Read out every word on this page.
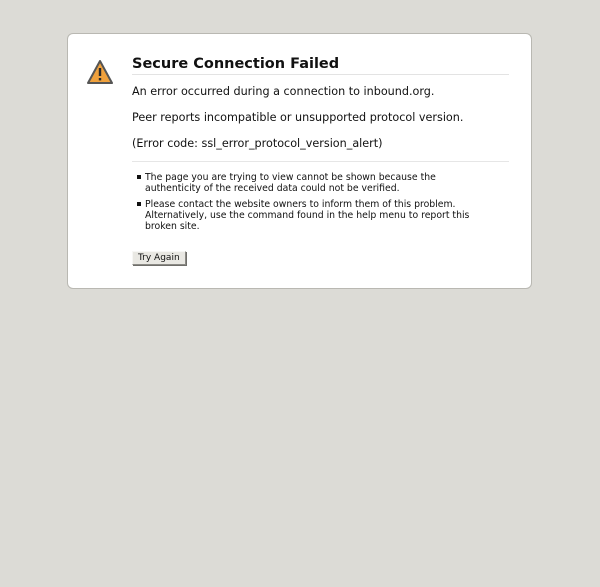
Secure Connection Failed

An error occurred during a connection to inbound.org.

Peer reports incompatible or unsupported protocol version.

(Error code: ssl_error_protocol_version_alert)

The page you are trying to view cannot be shown because the authenticity of the received data could not be verified.
Please contact the website owners to inform them of this problem. Alternatively, use the command found in the help menu to report this broken site.
Try Again
